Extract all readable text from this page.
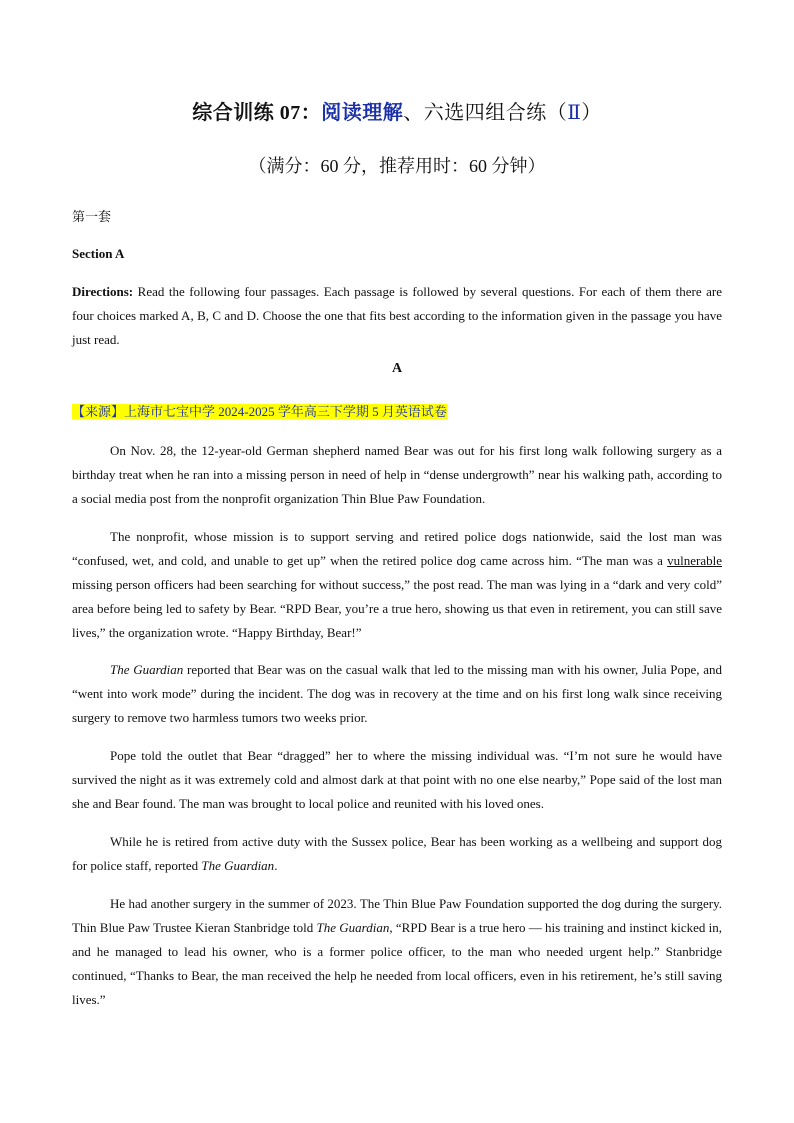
综合训练 07：阅读理解、六选四组合练（Ⅱ）
（满分：60 分，推荐用时：60 分钟）
第一套
Section A
Directions: Read the following four passages. Each passage is followed by several questions. For each of them there are four choices marked A, B, C and D. Choose the one that fits best according to the information given in the passage you have just read.
A
【来源】上海市七宝中学 2024-2025 学年高三下学期 5 月英语试卷
On Nov. 28, the 12-year-old German shepherd named Bear was out for his first long walk following surgery as a birthday treat when he ran into a missing person in need of help in “dense undergrowth” near his walking path, according to a social media post from the nonprofit organization Thin Blue Paw Foundation.
The nonprofit, whose mission is to support serving and retired police dogs nationwide, said the lost man was “confused, wet, and cold, and unable to get up” when the retired police dog came across him. “The man was a vulnerable missing person officers had been searching for without success,” the post read. The man was lying in a “dark and very cold” area before being led to safety by Bear. “RPD Bear, you’re a true hero, showing us that even in retirement, you can still save lives,” the organization wrote. “Happy Birthday, Bear!”
The Guardian reported that Bear was on the casual walk that led to the missing man with his owner, Julia Pope, and “went into work mode” during the incident. The dog was in recovery at the time and on his first long walk since receiving surgery to remove two harmless tumors two weeks prior.
Pope told the outlet that Bear “dragged” her to where the missing individual was. “I’m not sure he would have survived the night as it was extremely cold and almost dark at that point with no one else nearby,” Pope said of the lost man she and Bear found. The man was brought to local police and reunited with his loved ones.
While he is retired from active duty with the Sussex police, Bear has been working as a wellbeing and support dog for police staff, reported The Guardian.
He had another surgery in the summer of 2023. The Thin Blue Paw Foundation supported the dog during the surgery. Thin Blue Paw Trustee Kieran Stanbridge told The Guardian, “RPD Bear is a true hero — his training and instinct kicked in, and he managed to lead his owner, who is a former police officer, to the man who needed urgent help.” Stanbridge continued, “Thanks to Bear, the man received the help he needed from local officers, even in his retirement, he’s still saving lives.”
